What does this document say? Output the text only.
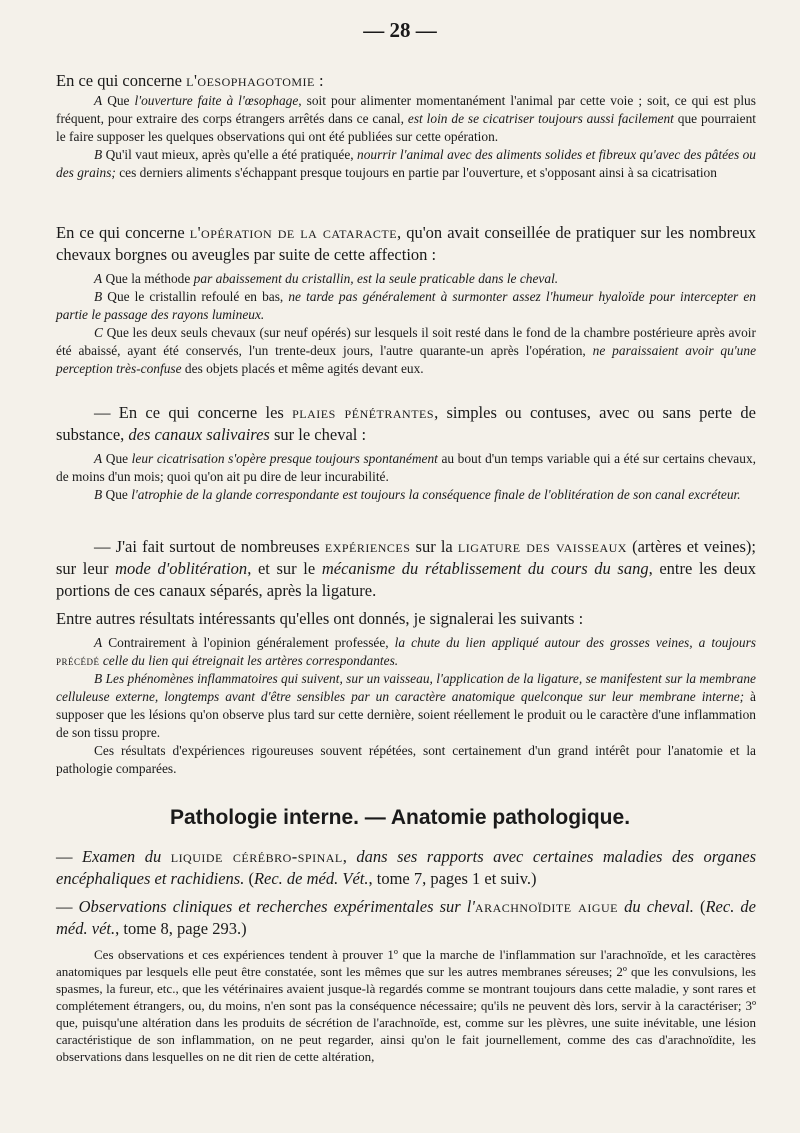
— 28 —

En ce qui concerne l'oesophagotomie :

A Que l'ouverture faite à l'œsophage, soit pour alimenter momentanément l'animal par cette voie ; soit, ce qui est plus fréquent, pour extraire des corps étrangers arrêtés dans ce canal, est loin de se cicatriser toujours aussi facilement que pourraient le faire supposer les quelques observations qui ont été publiées sur cette opération.

B Qu'il vaut mieux, après qu'elle a été pratiquée, nourrir l'animal avec des aliments solides et fibreux qu'avec des pâtées ou des grains; ces derniers aliments s'échappant presque toujours en partie par l'ouverture, et s'opposant ainsi à sa cicatrisation

En ce qui concerne l'opération de la cataracte, qu'on avait conseillée de pratiquer sur les nombreux chevaux borgnes ou aveugles par suite de cette affection :

A Que la méthode par abaissement du cristallin, est la seule praticable dans le cheval.

B Que le cristallin refoulé en bas, ne tarde pas généralement à surmonter assez l'humeur hyaloïde pour intercepter en partie le passage des rayons lumineux.

C Que les deux seuls chevaux (sur neuf opérés) sur lesquels il soit resté dans le fond de la chambre postérieure après avoir été abaissé, ayant été conservés, l'un trente-deux jours, l'autre quarante-un après l'opération, ne paraissaient avoir qu'une perception très-confuse des objets placés et même agités devant eux.

— En ce qui concerne les plaies pénétrantes, simples ou contuses, avec ou sans perte de substance, des canaux salivaires sur le cheval :

A Que leur cicatrisation s'opère presque toujours spontanément au bout d'un temps variable qui a été sur certains chevaux, de moins d'un mois; quoi qu'on ait pu dire de leur incurabilité.

B Que l'atrophie de la glande correspondante est toujours la conséquence finale de l'oblitération de son canal excréteur.

— J'ai fait surtout de nombreuses expériences sur la ligature des vaisseaux (artères et veines); sur leur mode d'oblitération, et sur le mécanisme du rétablissement du cours du sang, entre les deux portions de ces canaux séparés, après la ligature.

Entre autres résultats intéressants qu'elles ont donnés, je signalerai les suivants :

A Contrairement à l'opinion généralement professée, la chute du lien appliqué autour des grosses veines, a toujours précédé celle du lien qui étreignait les artères correspondantes.

B Les phénomènes inflammatoires qui suivent, sur un vaisseau, l'application de la ligature, se manifestent sur la membrane celluleuse externe, longtemps avant d'être sensibles par un caractère anatomique quelconque sur leur membrane interne; à supposer que les lésions qu'on observe plus tard sur cette dernière, soient réellement le produit ou le caractère d'une inflammation de son tissu propre.

Ces résultats d'expériences rigoureuses souvent répétées, sont certainement d'un grand intérêt pour l'anatomie et la pathologie comparées.

Pathologie interne. — Anatomie pathologique.

— Examen du liquide cérébro-spinal, dans ses rapports avec certaines maladies des organes encéphaliques et rachidiens. (Rec. de méd. Vét., tome 7, pages 1 et suiv.)

— Observations cliniques et recherches expérimentales sur l'arachnoïdite aigue du cheval. (Rec. de méd. vét., tome 8, page 293.)

Ces observations et ces expériences tendent à prouver 1º que la marche de l'inflammation sur l'arachnoïde, et les caractères anatomiques par lesquels elle peut être constatée, sont les mêmes que sur les autres membranes séreuses; 2º que les convulsions, les spasmes, la fureur, etc., que les vétérinaires avaient jusque-là regardés comme se montrant toujours dans cette maladie, y sont rares et complétement étrangers, ou, du moins, n'en sont pas la conséquence nécessaire; qu'ils ne peuvent dès lors, servir à la caractériser; 3º que, puisqu'une altération dans les produits de sécrétion de l'arachnoïde, est, comme sur les plèvres, une suite inévitable, une lésion caractéristique de son inflammation, on ne peut regarder, ainsi qu'on le fait journellement, comme des cas d'arachnoïdite, les observations dans lesquelles on ne dit rien de cette altération,
